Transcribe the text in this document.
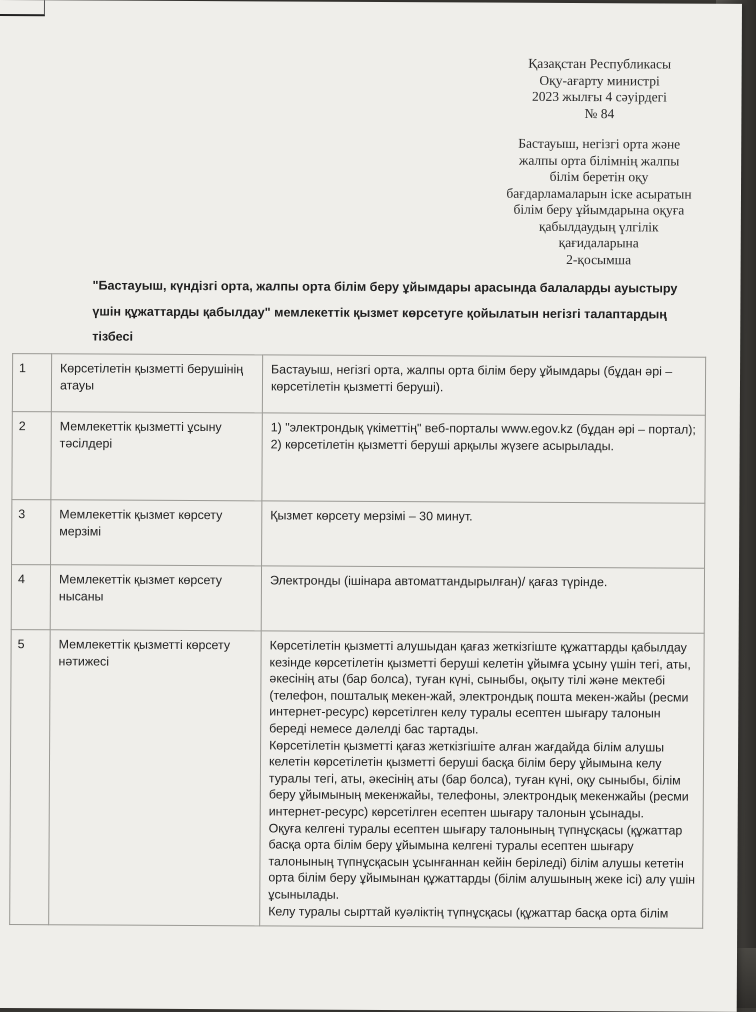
Қазақстан Республикасы
Оқу-ағарту министрі
2023 жылғы 4 сәуірдегі
№ 84
Бастауыш, негізгі орта және
жалпы орта білімнің жалпы
білім беретін оқу
бағдарламаларын іске асыратын
білім беру ұйымдарына оқуға
қабылдаудың үлгілік
қағидаларына
2-қосымша
"Бастауыш, күндізгі орта, жалпы орта білім беру ұйымдары арасында балаларды ауыстыру үшін құжаттарды қабылдау" мемлекеттік қызмет көрсетуге қойылатын негізгі талаптардың тізбесі
1	Көрсетілетін қызметті берушінің атауы	Бастауыш, негізгі орта, жалпы орта білім беру ұйымдары (бұдан әрі – көрсетілетін қызметті беруші).

2	Мемлекеттік қызметті ұсыну тәсілдері	1) "электрондық үкіметтің" веб-порталы www.egov.kz (бұдан әрі – портал);
2) көрсетілетін қызметті беруші арқылы жүзеге асырылады.

3	Мемлекеттік қызмет көрсету мерзімі	Қызмет көрсету мерзімі – 30 минут.

4	Мемлекеттік қызмет көрсету нысаны	Электронды (ішінара автоматтандырылған)/ қағаз түрінде.

5	Мемлекеттік қызметті көрсету нәтижесі	Көрсетілетін қызметті алушыдан қағаз жеткізгіште құжаттарды қабылдау кезінде көрсетілетін қызметті беруші келетін ұйымға ұсыну үшін тегі, аты, әкесінің аты (бар болса), туған күні, сыныбы, оқыту тілі және мектебі (телефон, пошталық мекен-жай, электрондық пошта мекен-жайы (ресми интернет-ресурс) көрсетілген келу туралы есептен шығару талонын береді немесе дәлелді бас тартады.
Көрсетілетін қызметті қағаз жеткізгішіте алған жағдайда білім алушы келетін көрсетілетін қызметті беруші басқа білім беру ұйымына келу туралы тегі, аты, әкесінің аты (бар болса), туған күні, оқу сыныбы, білім беру ұйымының мекенжайы, телефоны, электрондық мекенжайы (ресми интернет-ресурс) көрсетілген есептен шығару талонын ұсынады.
Оқуға келгені туралы есептен шығару талонының түпнұсқасы (құжаттар басқа орта білім беру ұйымына келгені туралы есептен шығару талонының түпнұсқасын ұсынғаннан кейін беріледі) білім алушы кететін орта білім беру ұйымынан құжаттарды (білім алушының жеке ісі) алу үшін ұсынылады.
Келу туралы сырттай куәліктің түпнұсқасы (құжаттар басқа орта білім
